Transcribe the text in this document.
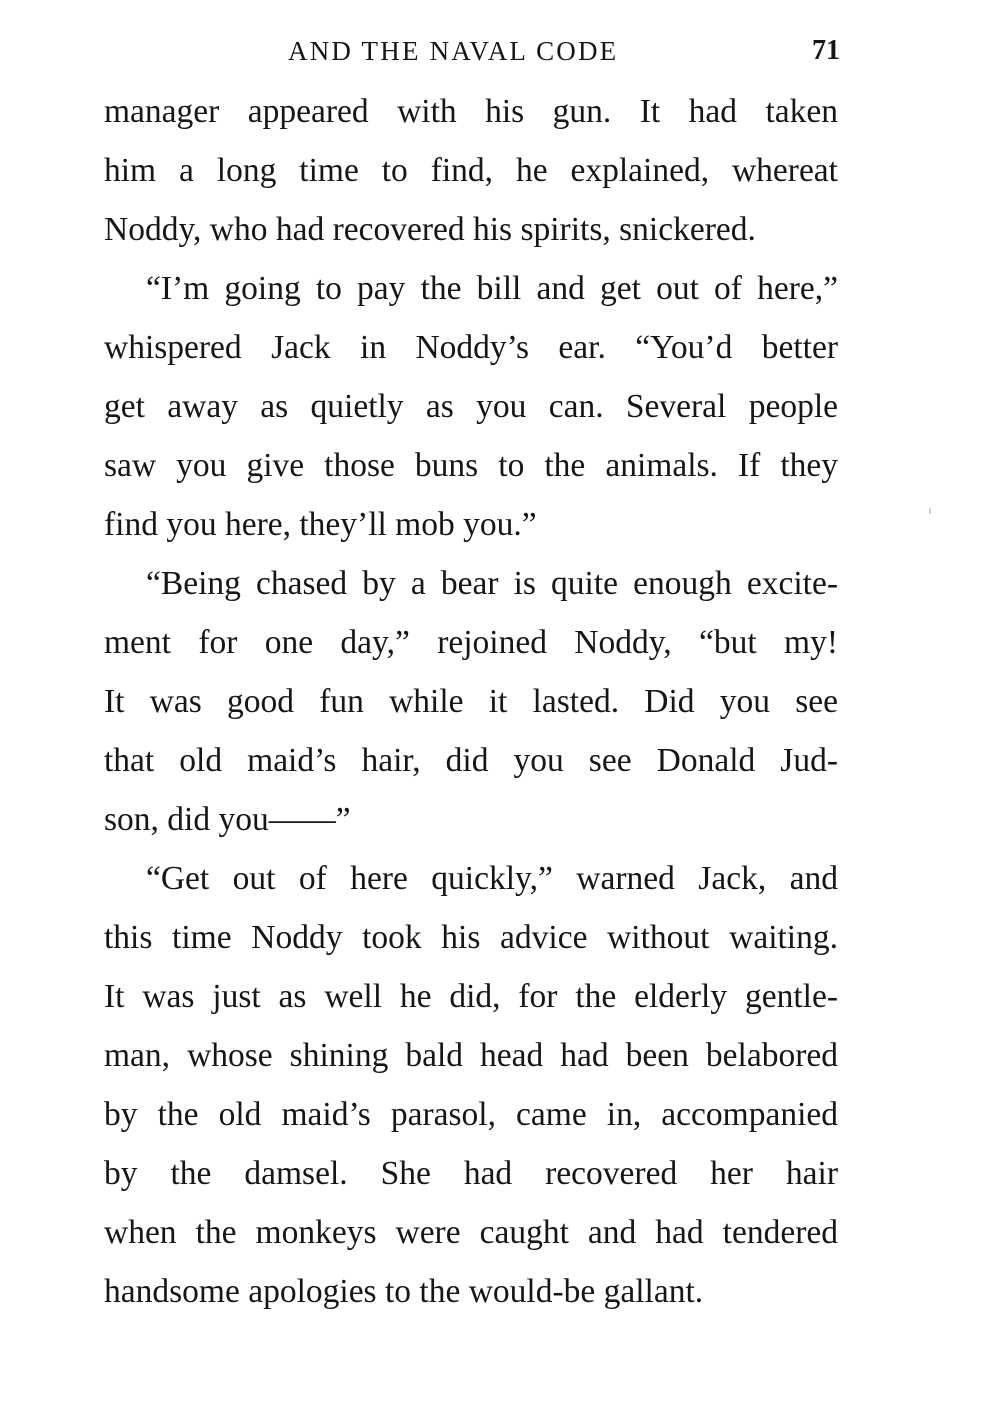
AND THE NAVAL CODE	71
manager appeared with his gun. It had taken
him a long time to find, he explained, whereat
Noddy, who had recovered his spirits, snickered.
“I’m going to pay the bill and get out of here,”
whispered Jack in Noddy’s ear. “You’d better
get away as quietly as you can. Several people
saw you give those buns to the animals. If they
find you here, they’ll mob you.”
“Being chased by a bear is quite enough excite-
ment for one day,” rejoined Noddy, “but my!
It was good fun while it lasted. Did you see
that old maid’s hair, did you see Donald Jud-
son, did you——”
“Get out of here quickly,” warned Jack, and
this time Noddy took his advice without waiting.
It was just as well he did, for the elderly gentle-
man, whose shining bald head had been belabored
by the old maid’s parasol, came in, accompanied
by the damsel. She had recovered her hair
when the monkeys were caught and had tendered
handsome apologies to the would-be gallant.
